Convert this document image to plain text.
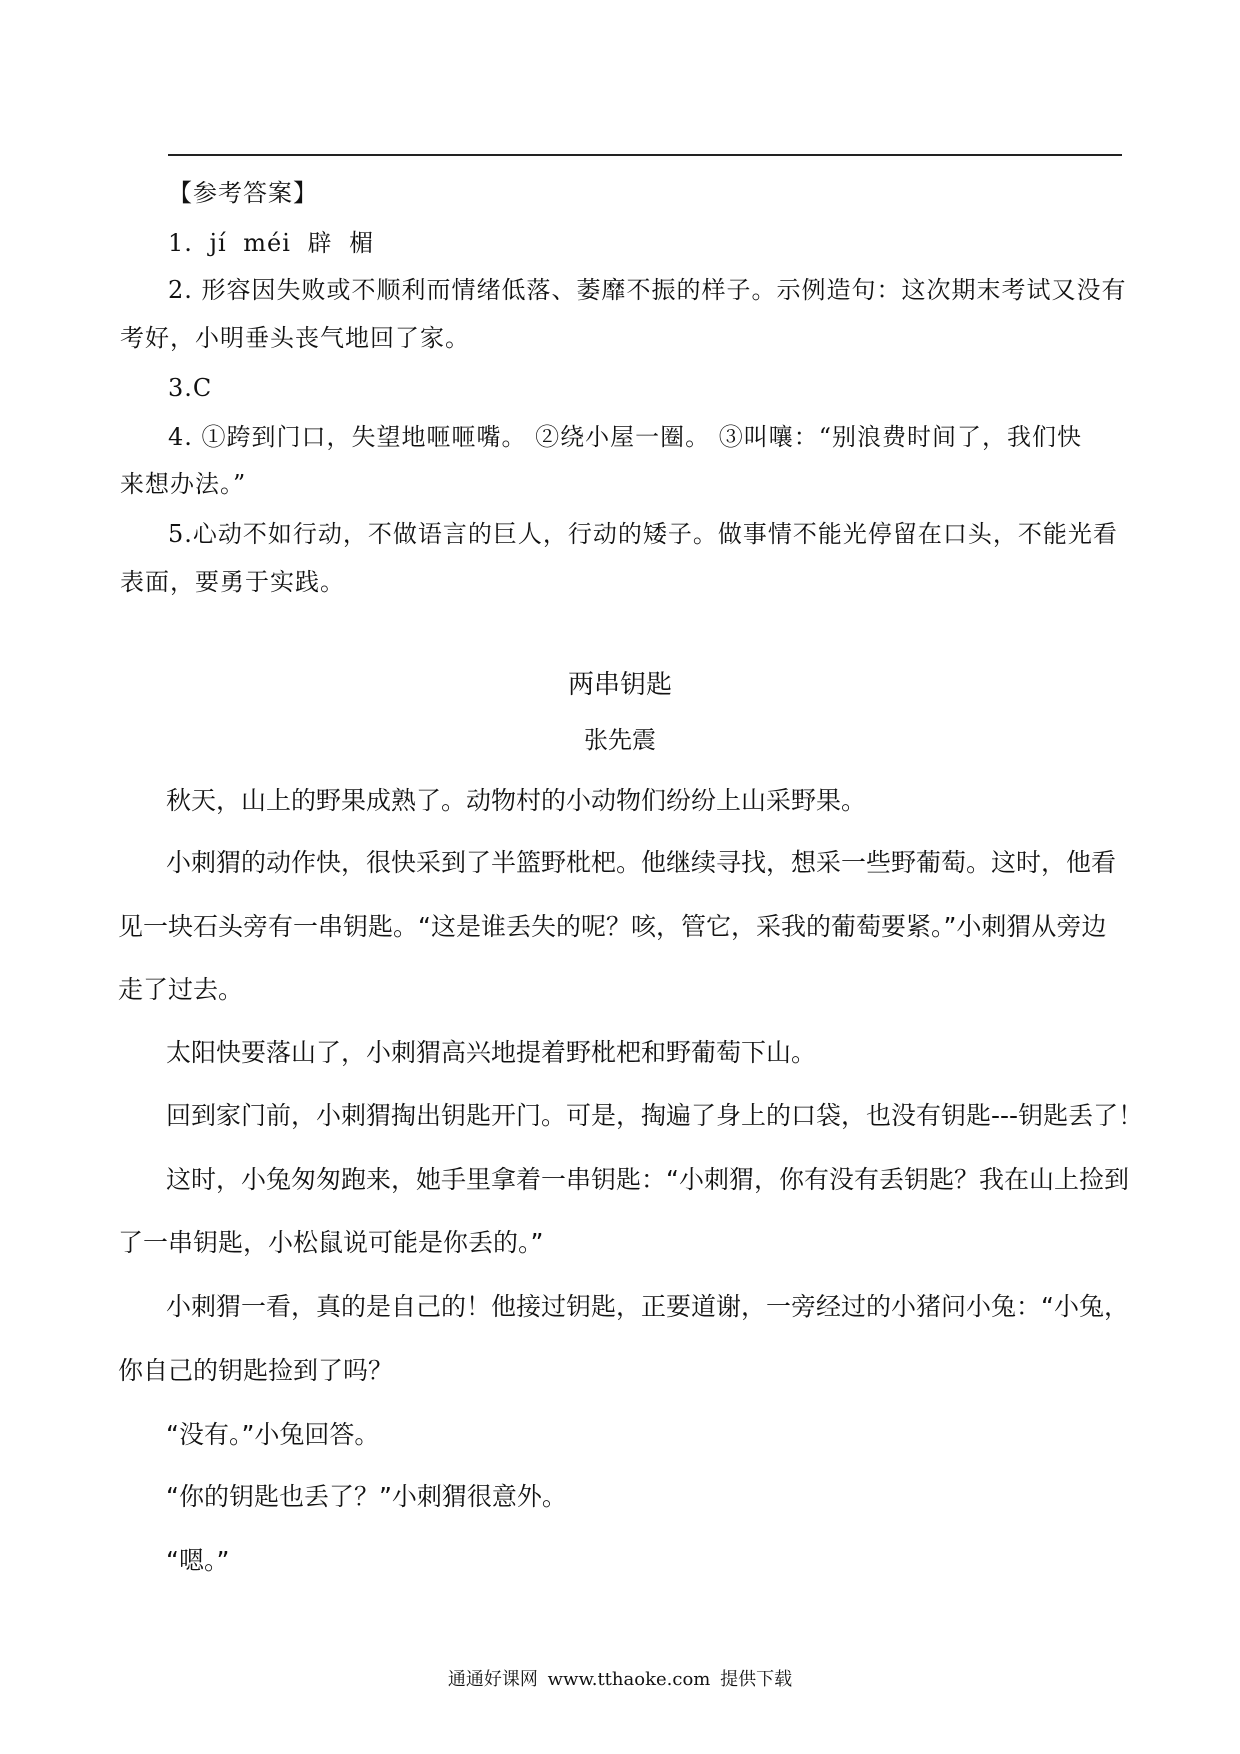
【参考答案】
1. jí méi 辟 楣
2. 形容因失败或不顺利而情绪低落、萎靡不振的样子。示例造句：这次期末考试又没有
考好，小明垂头丧气地回了家。
3.C
4. ①跨到门口，失望地咂咂嘴。 ②绕小屋一圈。 ③叫嚷：“别浪费时间了，我们快
来想办法。”
5.心动不如行动，不做语言的巨人，行动的矮子。做事情不能光停留在口头，不能光看
表面，要勇于实践。
两串钥匙
张先震
秋天，山上的野果成熟了。动物村的小动物们纷纷上山采野果。
小刺猬的动作快，很快采到了半篮野枇杷。他继续寻找，想采一些野葡萄。这时，他看
见一块石头旁有一串钥匙。“这是谁丢失的呢？咳，管它，采我的葡萄要紧。”小刺猬从旁边
走了过去。
太阳快要落山了，小刺猬高兴地提着野枇杷和野葡萄下山。
回到家门前，小刺猬掏出钥匙开门。可是，掏遍了身上的口袋，也没有钥匙---钥匙丢了！
这时，小兔匆匆跑来，她手里拿着一串钥匙：“小刺猬，你有没有丢钥匙？我在山上捡到
了一串钥匙，小松鼠说可能是你丢的。”
小刺猬一看，真的是自己的！他接过钥匙，正要道谢，一旁经过的小猪问小兔：“小兔，
你自己的钥匙捡到了吗？
“没有。”小兔回答。
“你的钥匙也丢了？”小刺猬很意外。
“嗯。”
通通好课网 www.tthaoke.com 提供下载
